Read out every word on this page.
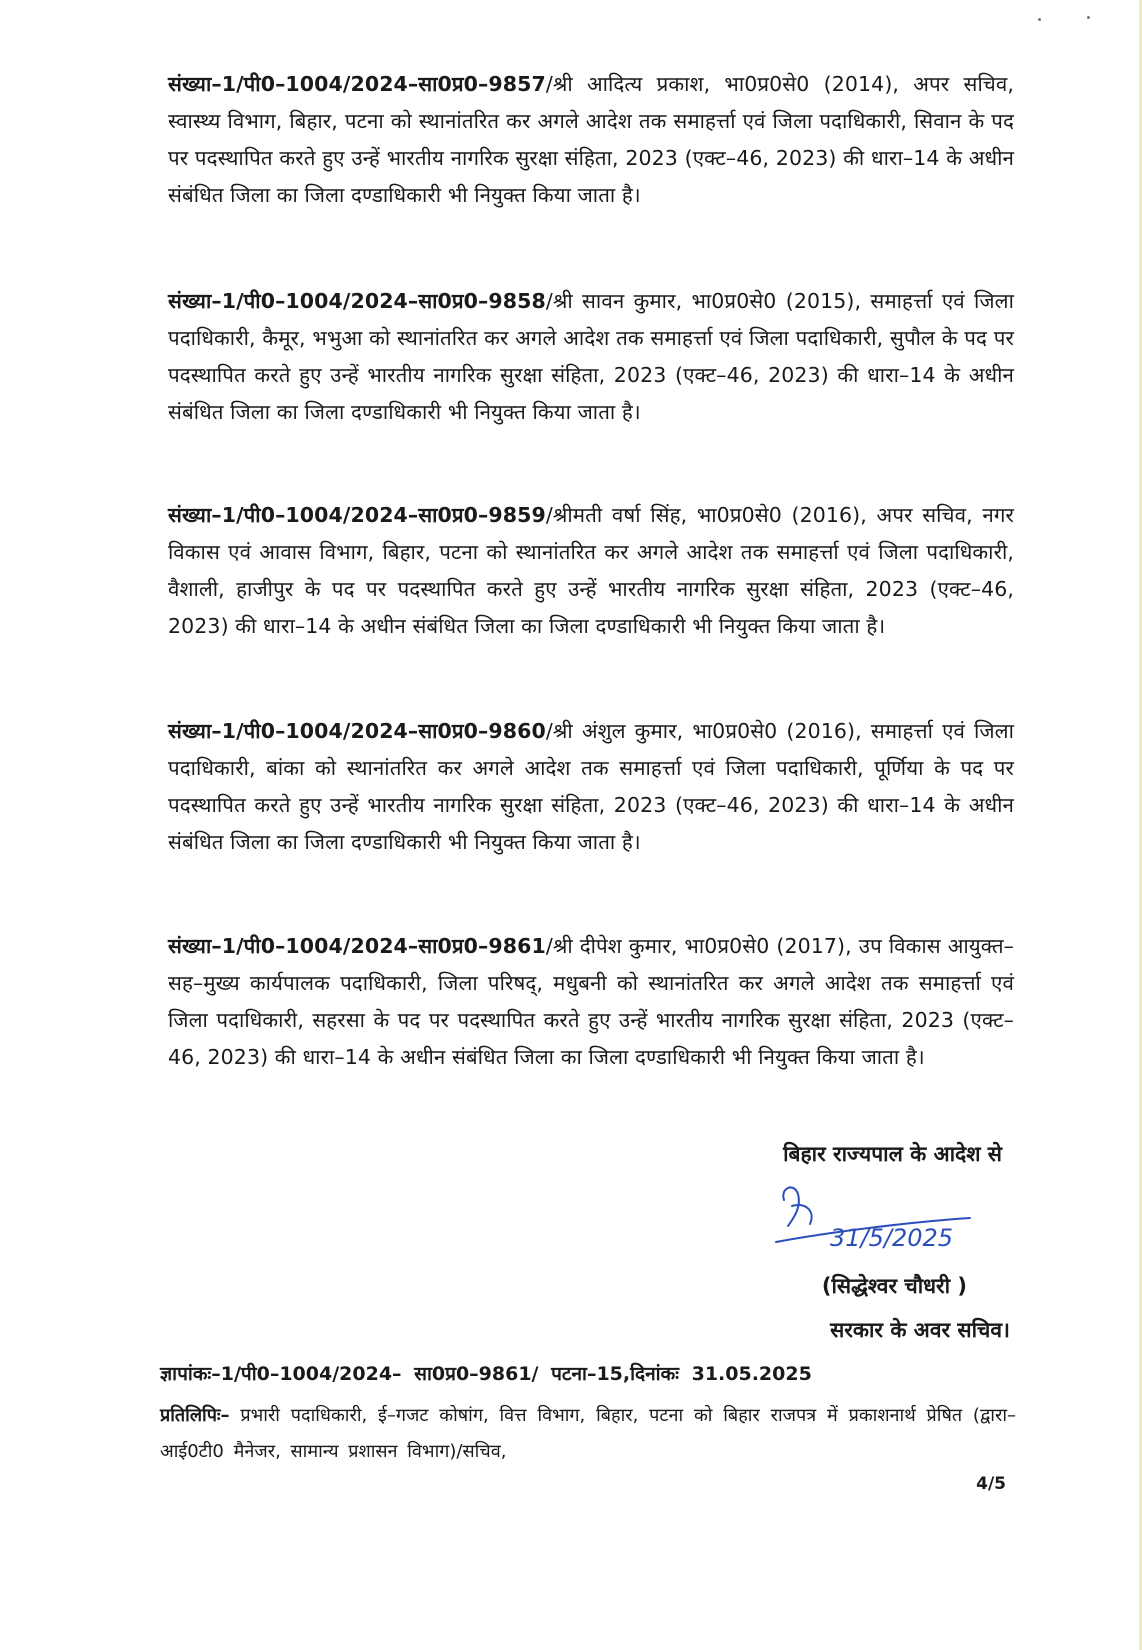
संख्या–1/पी0–1004/2024–सा0प्र0–9857/श्री आदित्य प्रकाश, भा0प्र0से0 (2014), अपर सचिव, स्वास्थ्य विभाग, बिहार, पटना को स्थानांतरित कर अगले आदेश तक समाहर्त्ता एवं जिला पदाधिकारी, सिवान के पद पर पदस्थापित करते हुए उन्हें भारतीय नागरिक सुरक्षा संहिता, 2023 (एक्ट–46, 2023) की धारा–14 के अधीन संबंधित जिला का जिला दण्डाधिकारी भी नियुक्त किया जाता है।
संख्या–1/पी0–1004/2024–सा0प्र0–9858/श्री सावन कुमार, भा0प्र0से0 (2015), समाहर्त्ता एवं जिला पदाधिकारी, कैमूर, भभुआ को स्थानांतरित कर अगले आदेश तक समाहर्त्ता एवं जिला पदाधिकारी, सुपौल के पद पर पदस्थापित करते हुए उन्हें भारतीय नागरिक सुरक्षा संहिता, 2023 (एक्ट–46, 2023) की धारा–14 के अधीन संबंधित जिला का जिला दण्डाधिकारी भी नियुक्त किया जाता है।
संख्या–1/पी0–1004/2024–सा0प्र0–9859/श्रीमती वर्षा सिंह, भा0प्र0से0 (2016), अपर सचिव, नगर विकास एवं आवास विभाग, बिहार, पटना को स्थानांतरित कर अगले आदेश तक समाहर्त्ता एवं जिला पदाधिकारी, वैशाली, हाजीपुर के पद पर पदस्थापित करते हुए उन्हें भारतीय नागरिक सुरक्षा संहिता, 2023 (एक्ट–46, 2023) की धारा–14 के अधीन संबंधित जिला का जिला दण्डाधिकारी भी नियुक्त किया जाता है।
संख्या–1/पी0–1004/2024–सा0प्र0–9860/श्री अंशुल कुमार, भा0प्र0से0 (2016), समाहर्त्ता एवं जिला पदाधिकारी, बांका को स्थानांतरित कर अगले आदेश तक समाहर्त्ता एवं जिला पदाधिकारी, पूर्णिया के पद पर पदस्थापित करते हुए उन्हें भारतीय नागरिक सुरक्षा संहिता, 2023 (एक्ट–46, 2023) की धारा–14 के अधीन संबंधित जिला का जिला दण्डाधिकारी भी नियुक्त किया जाता है।
संख्या–1/पी0–1004/2024–सा0प्र0–9861/श्री दीपेश कुमार, भा0प्र0से0 (2017), उप विकास आयुक्त–सह–मुख्य कार्यपालक पदाधिकारी, जिला परिषद्, मधुबनी को स्थानांतरित कर अगले आदेश तक समाहर्त्ता एवं जिला पदाधिकारी, सहरसा के पद पर पदस्थापित करते हुए उन्हें भारतीय नागरिक सुरक्षा संहिता, 2023 (एक्ट–46, 2023) की धारा–14 के अधीन संबंधित जिला का जिला दण्डाधिकारी भी नियुक्त किया जाता है।
बिहार राज्यपाल के आदेश से
31/5/2025
(सिद्धेश्वर चौधरी )
सरकार के अवर सचिव।
ज्ञापांकः–1/पी0–1004/2024– सा0प्र0–9861/ पटना–15,दिनांकः 31.05.2025
प्रतिलिपिः– प्रभारी पदाधिकारी, ई–गजट कोषांग, वित्त विभाग, बिहार, पटना को बिहार राजपत्र में प्रकाशनार्थ प्रेषित (द्वारा– आई0टी0 मैनेजर, सामान्य प्रशासन विभाग)/सचिव,
4/5
